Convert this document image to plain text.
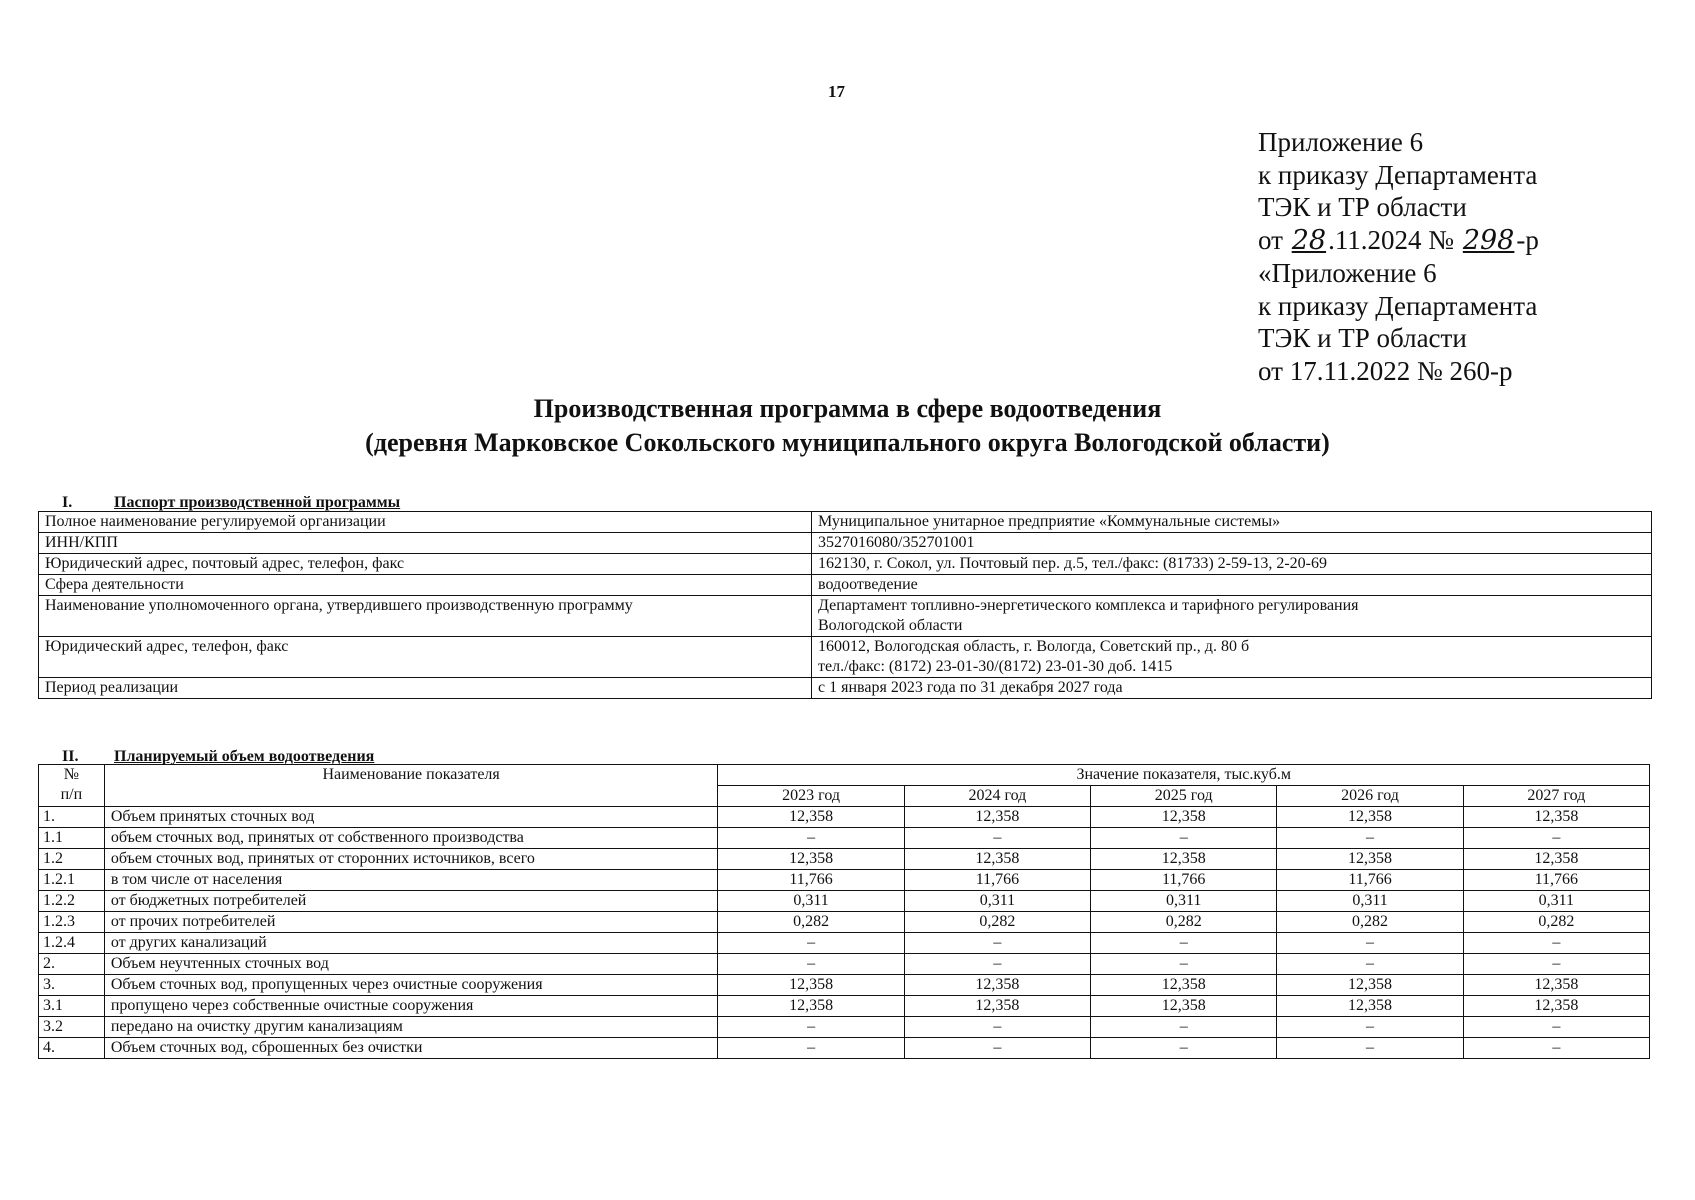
17
Приложение 6
к приказу Департамента
ТЭК и ТР области
от 28.11.2024 № 298-р
«Приложение 6
к приказу Департамента
ТЭК и ТР области
от 17.11.2022 № 260-р
Производственная программа в сфере водоотведения
(деревня Марковское Сокольского муниципального округа Вологодской области)
I.	Паспорт производственной программы
Полное наименование регулируемой организации	Муниципальное унитарное предприятие «Коммунальные системы»

ИНН/КПП	3527016080/352701001

Юридический адрес, почтовый адрес, телефон, факс	162130, г. Сокол, ул. Почтовый пер. д.5, тел./факс: (81733) 2-59-13, 2-20-69

Сфера деятельности	водоотведение

Наименование уполномоченного органа, утвердившего производственную программу	Департамент топливно-энергетического комплекса и тарифного регулирования
Вологодской области

Юридический адрес, телефон, факс	160012, Вологодская область, г. Вологда, Советский пр., д. 80 б
тел./факс: (8172) 23-01-30/(8172) 23-01-30 доб. 1415

Период реализации	с 1 января 2023 года по 31 декабря 2027 года
II. Планируемый объем водоотведения
№
п/п	Наименование показателя	Значение показателя, тыс.куб.м				
		2023 год	2024 год	2025 год	2026 год	2027 год
1.	Объем принятых сточных вод	12,358	12,358	12,358	12,358	12,358
1.1	объем сточных вод, принятых от собственного производства	–	–	–	–	–
1.2	объем сточных вод, принятых от сторонних источников, всего	12,358	12,358	12,358	12,358	12,358
1.2.1	в том числе от населения	11,766	11,766	11,766	11,766	11,766
1.2.2	от бюджетных потребителей	0,311	0,311	0,311	0,311	0,311
1.2.3	от прочих потребителей	0,282	0,282	0,282	0,282	0,282
1.2.4	от других канализаций	–	–	–	–	–
2.	Объем неучтенных сточных вод	–	–	–	–	–
3.	Объем сточных вод, пропущенных через очистные сооружения	12,358	12,358	12,358	12,358	12,358
3.1	пропущено через собственные очистные сооружения	12,358	12,358	12,358	12,358	12,358
3.2	передано на очистку другим канализациям	–	–	–	–	–
4.	Объем сточных вод, сброшенных без очистки	–	–	–	–	–
